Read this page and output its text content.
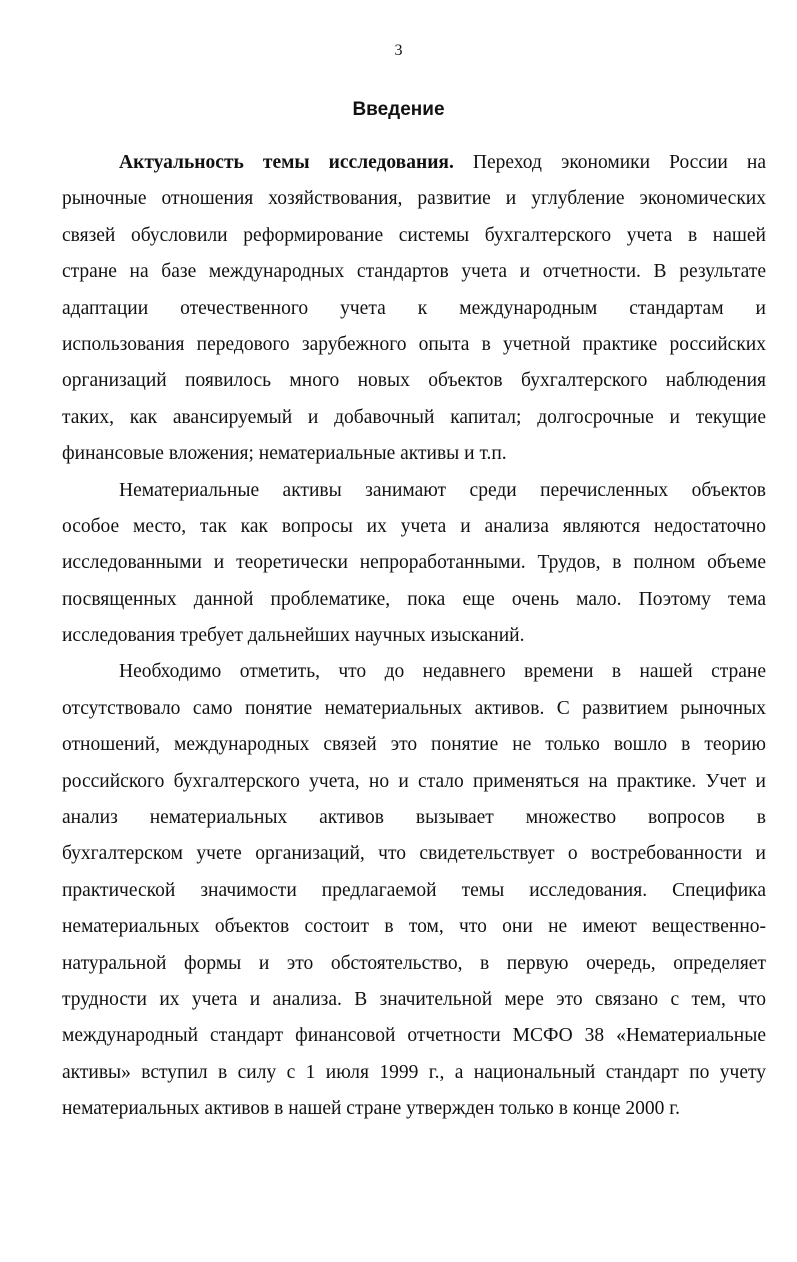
3
Введение
Актуальность темы исследования. Переход экономики России на
рыночные отношения хозяйствования, развитие и углубление экономических
связей обусловили реформирование системы бухгалтерского учета в нашей
стране на базе международных стандартов учета и отчетности. В результате
адаптации отечественного учета к международным стандартам и
использования передового зарубежного опыта в учетной практике российских
организаций появилось много новых объектов бухгалтерского наблюдения
таких, как авансируемый и добавочный капитал; долгосрочные и текущие
финансовые вложения; нематериальные активы и т.п.
Нематериальные активы занимают среди перечисленных объектов
особое место, так как вопросы их учета и анализа являются недостаточно
исследованными и теоретически непроработанными. Трудов, в полном объеме
посвященных данной проблематике, пока еще очень мало. Поэтому тема
исследования требует дальнейших научных изысканий.
Необходимо отметить, что до недавнего времени в нашей стране
отсутствовало само понятие нематериальных активов. С развитием рыночных
отношений, международных связей это понятие не только вошло в теорию
российского бухгалтерского учета, но и стало применяться на практике. Учет и
анализ нематериальных активов вызывает множество вопросов в
бухгалтерском учете организаций, что свидетельствует о востребованности и
практической значимости предлагаемой темы исследования. Специфика
нематериальных объектов состоит в том, что они не имеют вещественно-
натуральной формы и это обстоятельство, в первую очередь, определяет
трудности их учета и анализа. В значительной мере это связано с тем, что
международный стандарт финансовой отчетности МСФО 38 «Нематериальные
активы» вступил в силу с 1 июля 1999 г., а национальный стандарт по учету
нематериальных активов в нашей стране утвержден только в конце 2000 г.
